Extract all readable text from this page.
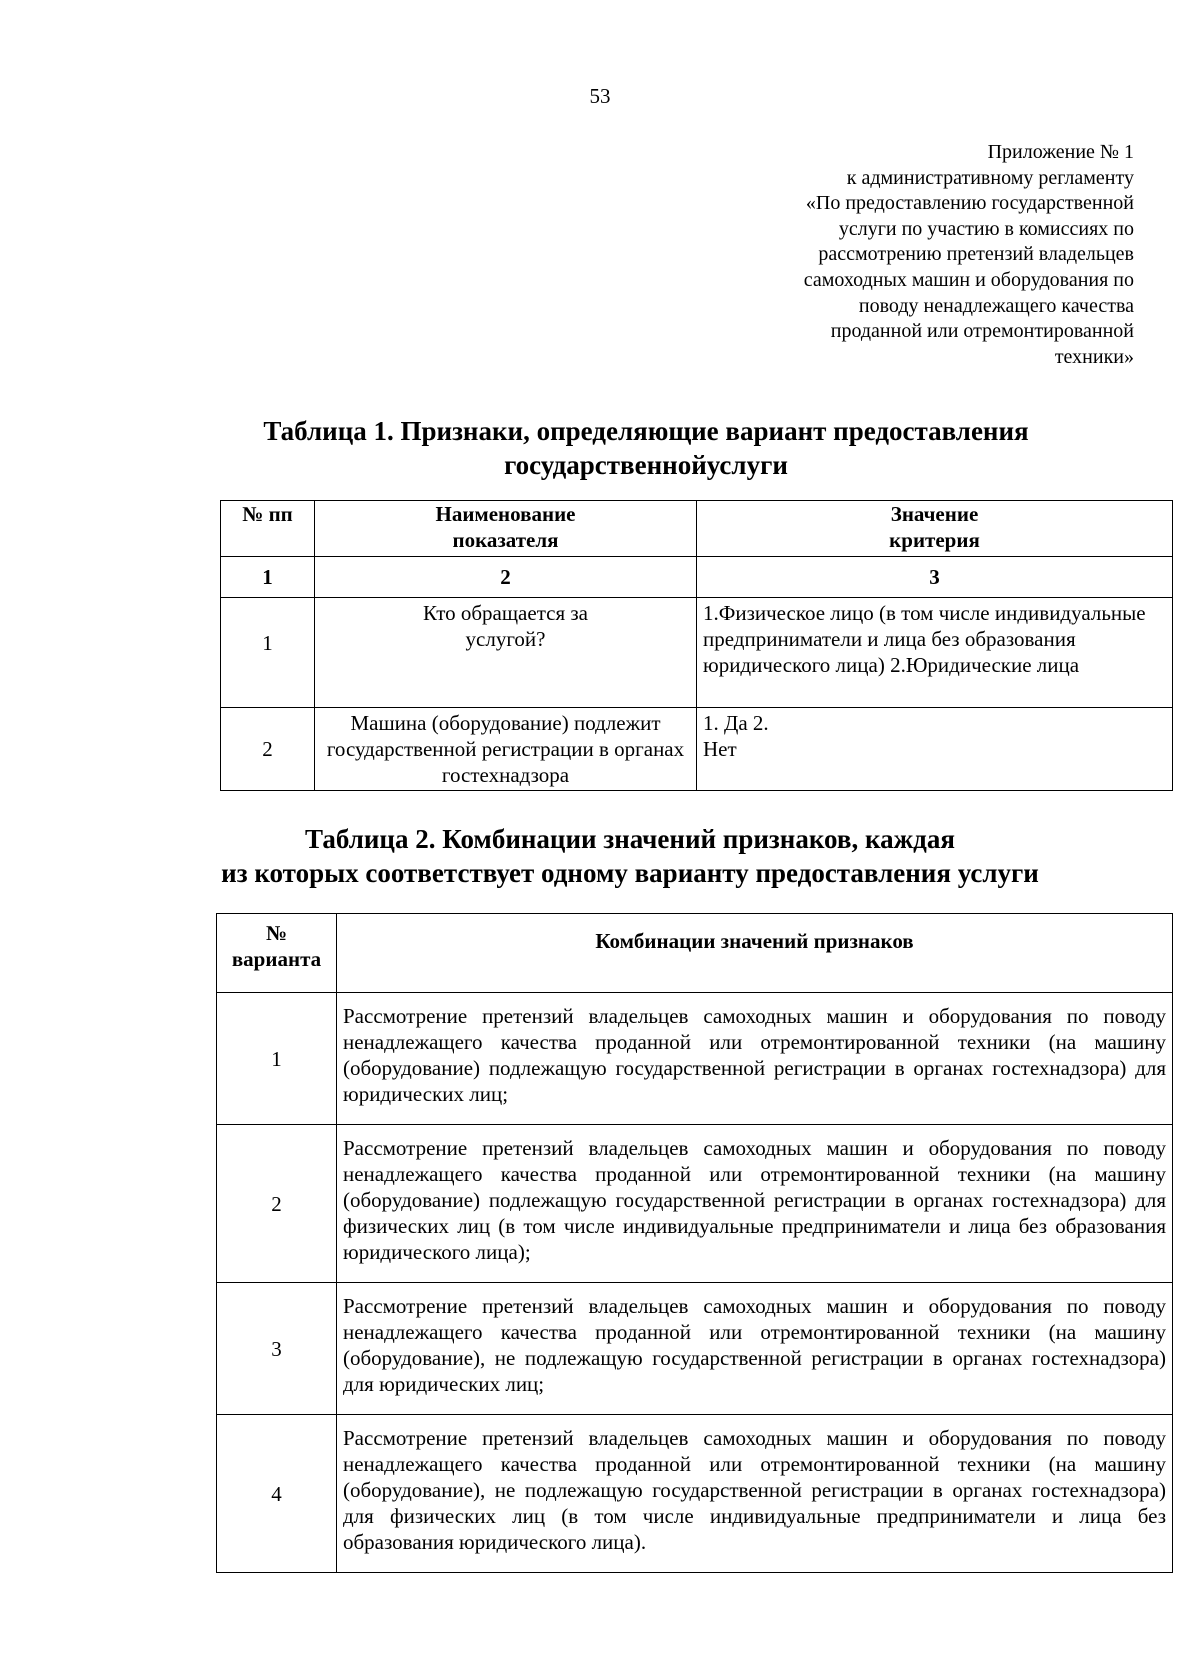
53
Приложение № 1
к административному регламенту
«По предоставлению государственной
услуги по участию в комиссиях по
рассмотрению претензий владельцев
самоходных машин и оборудования по
поводу ненадлежащего качества
проданной или отремонтированной
техники»
Таблица 1. Признаки, определяющие вариант предоставления
государственнойуслуги
№ пп	Наименование показателя	Значение критерия
1	2	3
1	Кто обращается за услугой?	1.Физическое лицо (в том числе индивидуальные предприниматели и лица без образования юридического лица) 2.Юридические лица
2	Машина (оборудование) подлежит государственной регистрации в органах гостехнадзора	1. Да 2. Нет
Таблица 2. Комбинации значений признаков, каждая
из которых соответствует одному варианту предоставления услуги
№ варианта	Комбинации значений признаков
1	Рассмотрение претензий владельцев самоходных машин и оборудования по поводу ненадлежащего качества проданной или отремонтированной техники (на машину (оборудование) подлежащую государственной регистрации в органах гостехнадзора) для юридических лиц;
2	Рассмотрение претензий владельцев самоходных машин и оборудования по поводу ненадлежащего качества проданной или отремонтированной техники (на машину (оборудование) подлежащую государственной регистрации в органах гостехнадзора) для физических лиц (в том числе индивидуальные предприниматели и лица без образования юридического лица);
3	Рассмотрение претензий владельцев самоходных машин и оборудования по поводу ненадлежащего качества проданной или отремонтированной техники (на машину (оборудование), не подлежащую государственной регистрации в органах гостехнадзора) для юридических лиц;
4	Рассмотрение претензий владельцев самоходных машин и оборудования по поводу ненадлежащего качества проданной или отремонтированной техники (на машину (оборудование), не подлежащую государственной регистрации в органах гостехнадзора) для физических лиц (в том числе индивидуальные предприниматели и лица без образования юридического лица).
